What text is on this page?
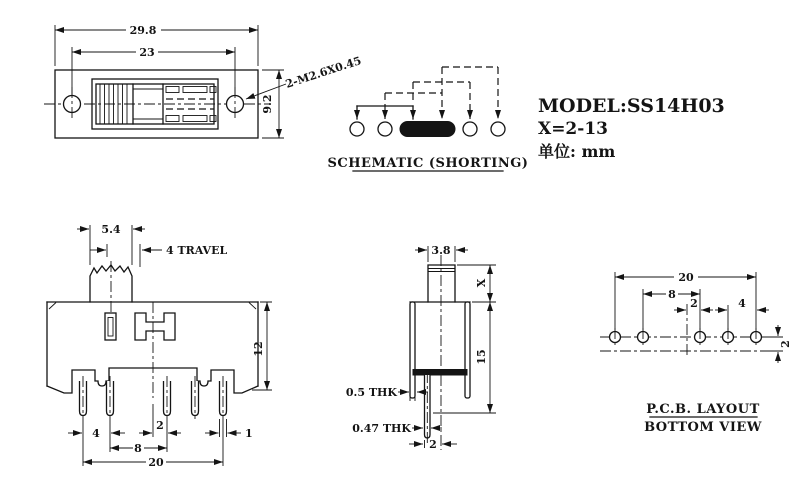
29.8
23
9.2
2-M2.6X0.45
SCHEMATIC (SHORTING)
MODEL:SS14H03
X=2-13
单位: mm
5.4
4 TRAVEL
12
4
2
1
8
20
3.8
X
15
0.5 THK
0.47 THK
2
20
8
2	4
2
P.C.B. LAYOUT
BOTTOM VIEW
